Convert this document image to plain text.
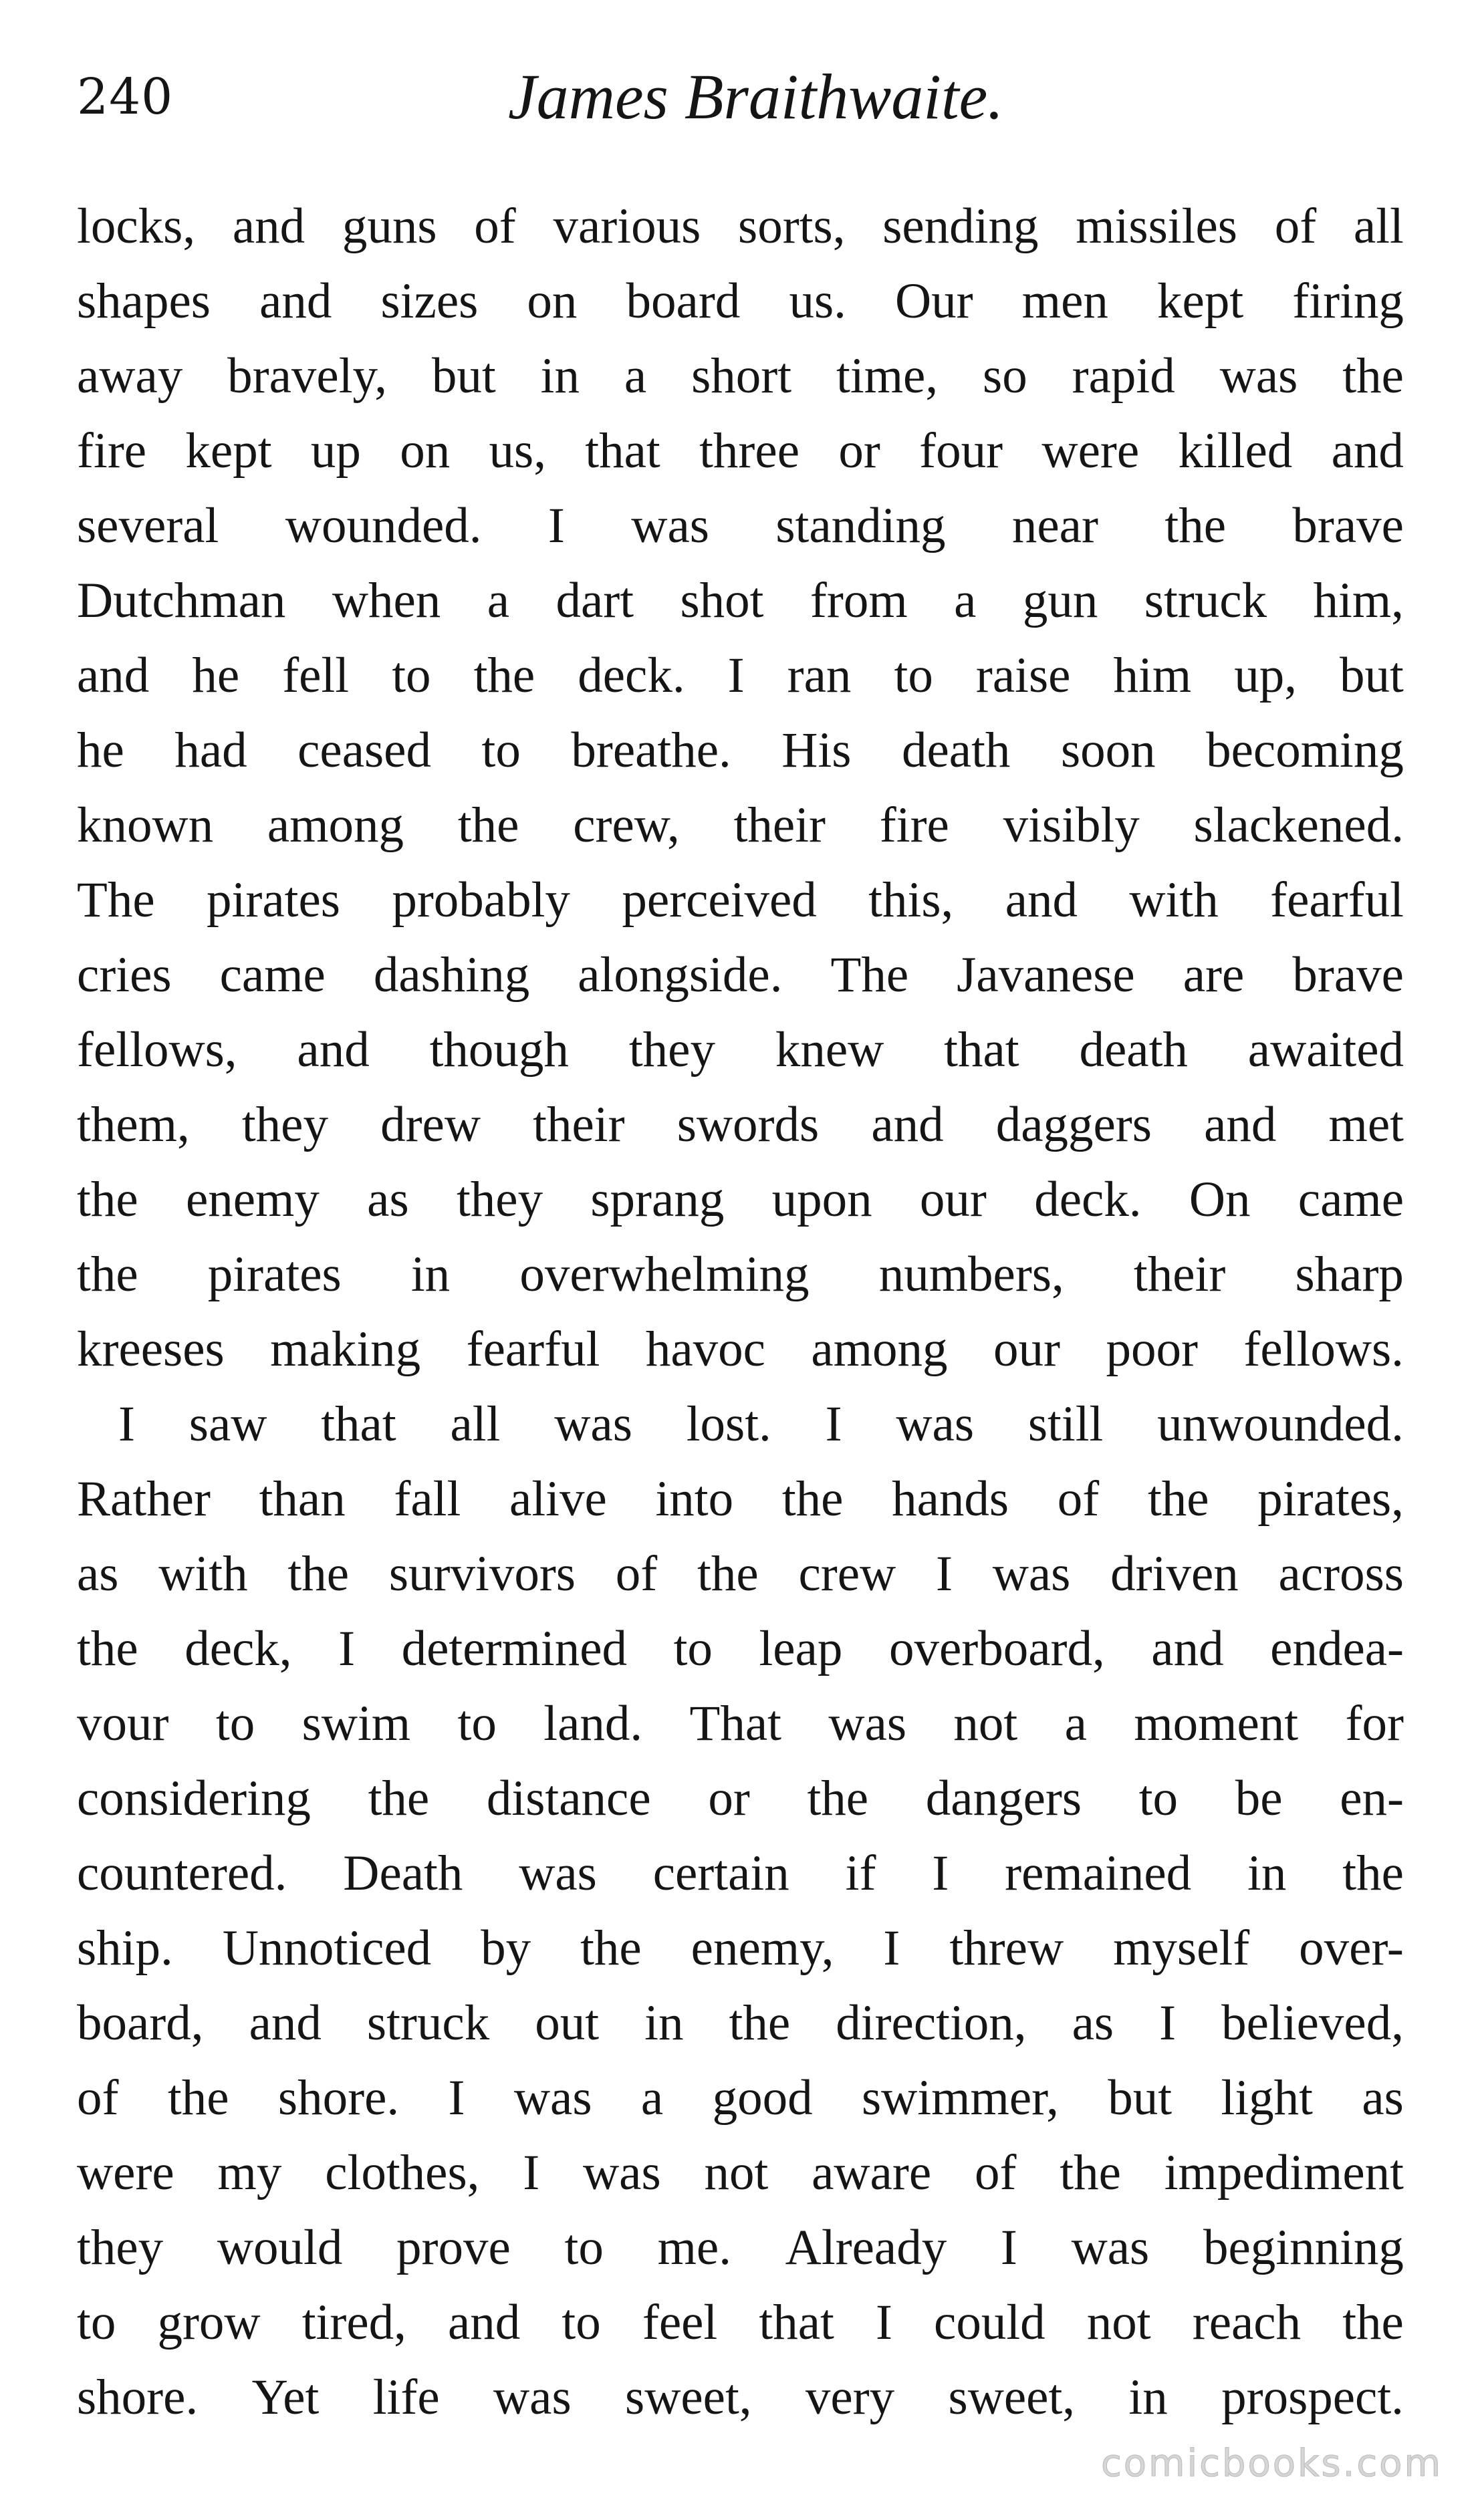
240	James Braithwaite.
locks, and guns of various sorts, sending missiles of all
shapes and sizes on board us. Our men kept firing
away bravely, but in a short time, so rapid was the
fire kept up on us, that three or four were killed and
several wounded. I was standing near the brave
Dutchman when a dart shot from a gun struck him,
and he fell to the deck. I ran to raise him up, but
he had ceased to breathe. His death soon becoming
known among the crew, their fire visibly slackened.
The pirates probably perceived this, and with fearful
cries came dashing alongside. The Javanese are brave
fellows, and though they knew that death awaited
them, they drew their swords and daggers and met
the enemy as they sprang upon our deck. On came
the pirates in overwhelming numbers, their sharp
kreeses making fearful havoc among our poor fellows.
I saw that all was lost. I was still unwounded.
Rather than fall alive into the hands of the pirates,
as with the survivors of the crew I was driven across
the deck, I determined to leap overboard, and endea-
vour to swim to land. That was not a moment for
considering the distance or the dangers to be en-
countered. Death was certain if I remained in the
ship. Unnoticed by the enemy, I threw myself over-
board, and struck out in the direction, as I believed,
of the shore. I was a good swimmer, but light as
were my clothes, I was not aware of the impediment
they would prove to me. Already I was beginning
to grow tired, and to feel that I could not reach the
shore. Yet life was sweet, very sweet, in prospect.
comicbooks.com
